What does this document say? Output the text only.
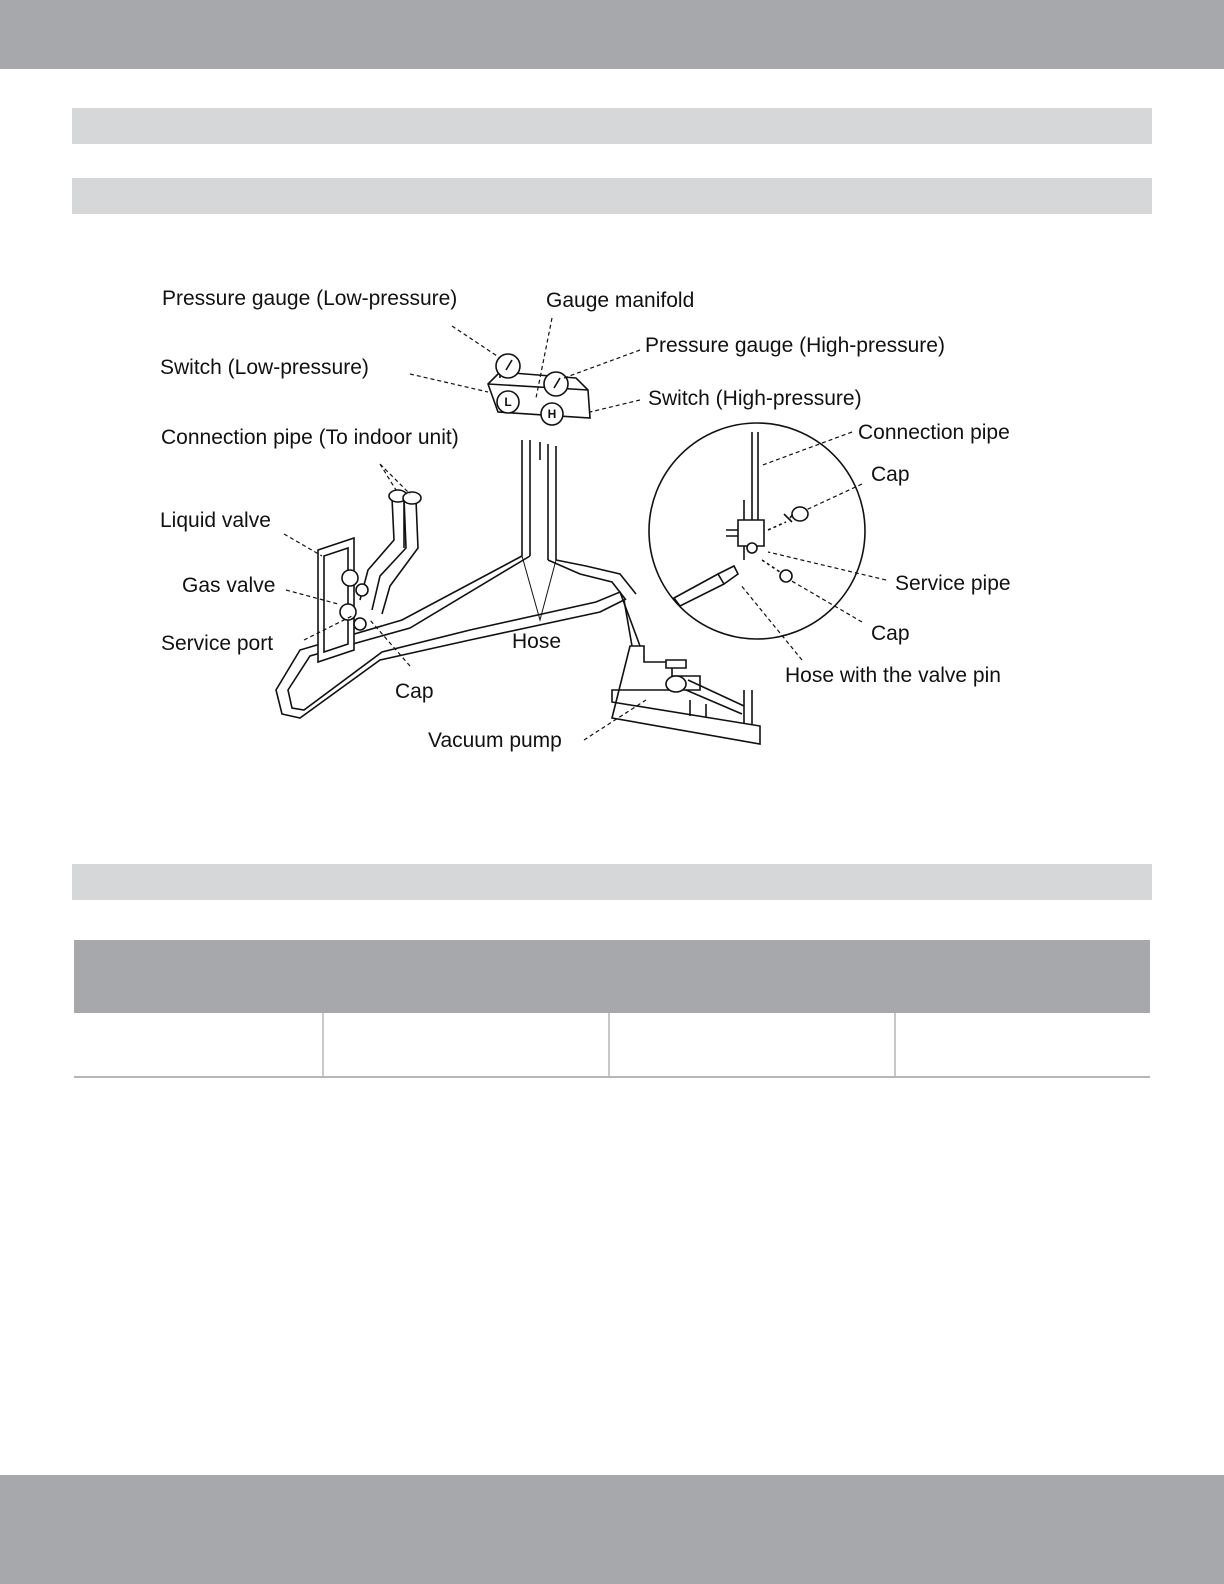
L
H
Pressure gauge (Low-pressure)	Gauge manifold
Pressure gauge (High-pressure)
Switch (Low-pressure)
Switch (High-pressure)
Connection pipe (To indoor unit)	Connection pipe
Cap
Liquid valve
Gas valve	Service pipe
Service port	Hose	Cap
Cap
Hose with the valve pin
Vacuum pump
